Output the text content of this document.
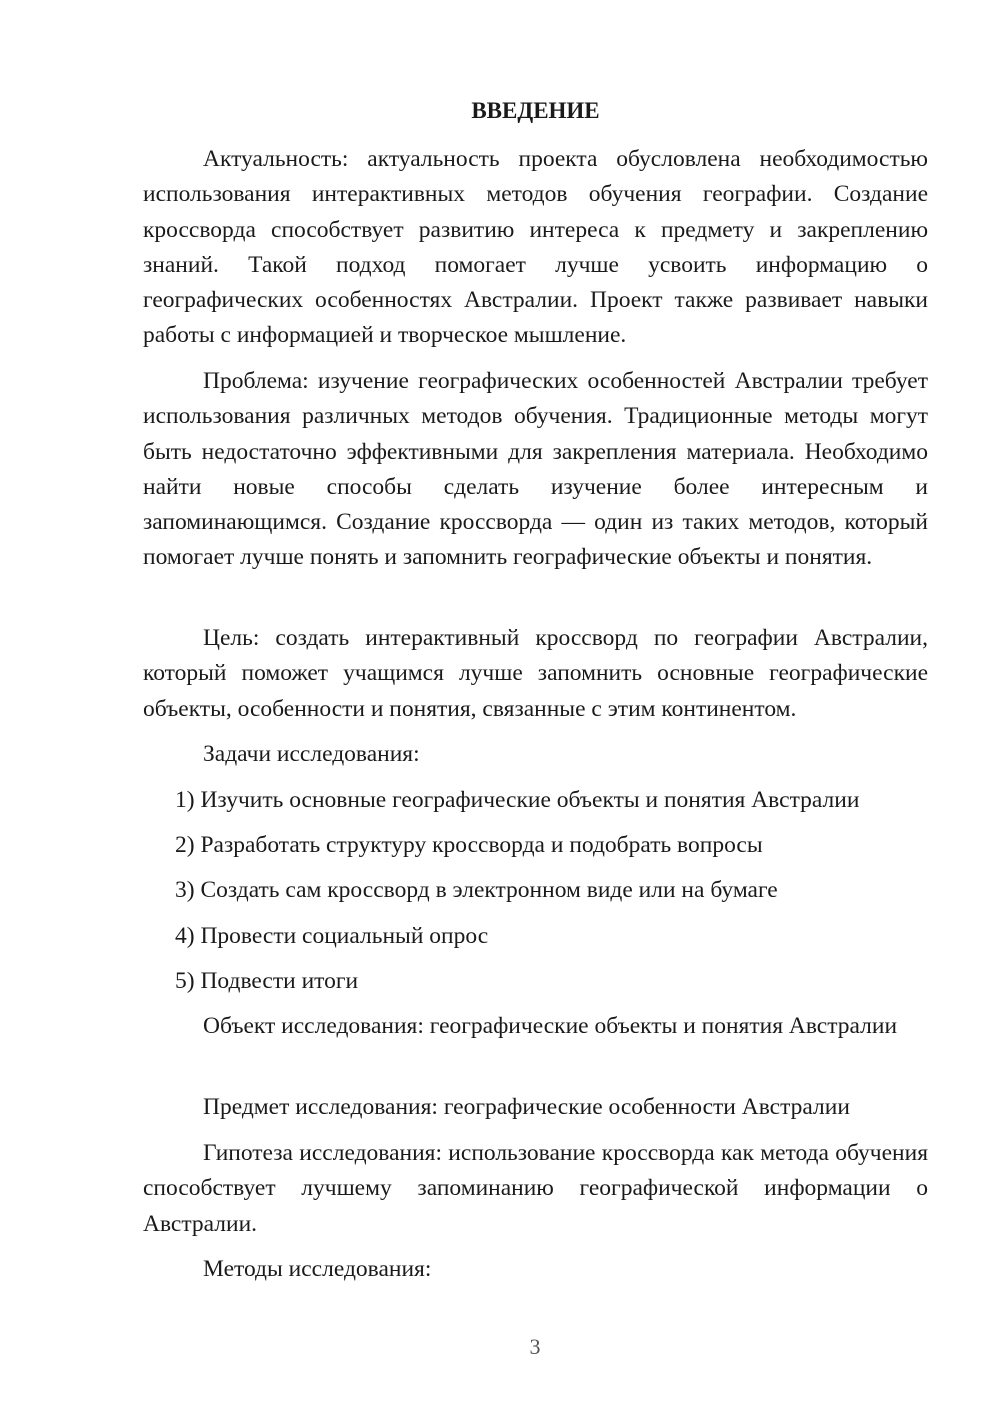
ВВЕДЕНИЕ

Актуальность: актуальность проекта обусловлена необходимостью использования интерактивных методов обучения географии. Создание кроссворда способствует развитию интереса к предмету и закреплению знаний. Такой подход помогает лучше усвоить информацию о географических особенностях Австралии. Проект также развивает навыки работы с информацией и творческое мышление.

Проблема: изучение географических особенностей Австралии требует использования различных методов обучения. Традиционные методы могут быть недостаточно эффективными для закрепления материала. Необходимо найти новые способы сделать изучение более интересным и запоминающимся. Создание кроссворда — один из таких методов, который помогает лучше понять и запомнить географические объекты и понятия.

Цель: создать интерактивный кроссворд по географии Австралии, который поможет учащимся лучше запомнить основные географические объекты, особенности и понятия, связанные с этим континентом.

Задачи исследования:

1) Изучить основные географические объекты и понятия Австралии

2) Разработать структуру кроссворда и подобрать вопросы

3) Создать сам кроссворд в электронном виде или на бумаге

4) Провести социальный опрос

5) Подвести итоги

Объект исследования: географические объекты и понятия Австралии

Предмет исследования: географические особенности Австралии

Гипотеза исследования: использование кроссворда как метода обучения способствует лучшему запоминанию географической информации о Австралии.

Методы исследования:

3
